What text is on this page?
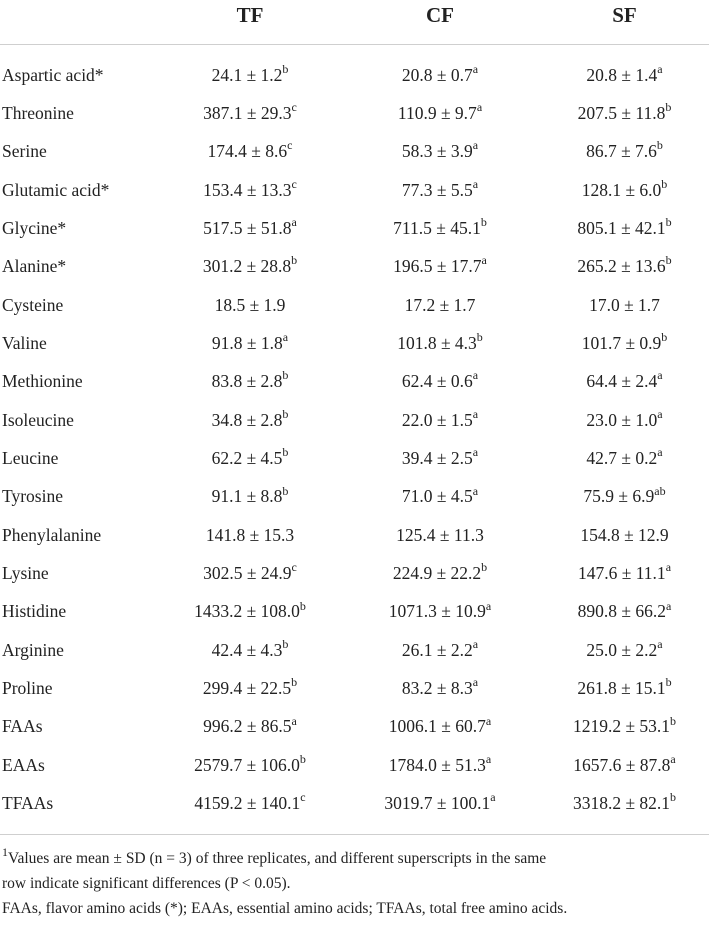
TF	CF	SF
Aspartic acid*	24.1 ± 1.2$^b$	20.8 ± 0.7$^a$	20.8 ± 1.4$^a$
Threonine	387.1 ± 29.3$^c$	110.9 ± 9.7$^a$	207.5 ± 11.8$^b$
Serine	174.4 ± 8.6$^c$	58.3 ± 3.9$^a$	86.7 ± 7.6$^b$
Glutamic acid*	153.4 ± 13.3$^c$	77.3 ± 5.5$^a$	128.1 ± 6.0$^b$
Glycine*	517.5 ± 51.8$^a$	711.5 ± 45.1$^b$	805.1 ± 42.1$^b$
Alanine*	301.2 ± 28.8$^b$	196.5 ± 17.7$^a$	265.2 ± 13.6$^b$
Cysteine	18.5 ± 1.9	17.2 ± 1.7	17.0 ± 1.7
Valine	91.8 ± 1.8$^a$	101.8 ± 4.3$^b$	101.7 ± 0.9$^b$
Methionine	83.8 ± 2.8$^b$	62.4 ± 0.6$^a$	64.4 ± 2.4$^a$
Isoleucine	34.8 ± 2.8$^b$	22.0 ± 1.5$^a$	23.0 ± 1.0$^a$
Leucine	62.2 ± 4.5$^b$	39.4 ± 2.5$^a$	42.7 ± 0.2$^a$
Tyrosine	91.1 ± 8.8$^b$	71.0 ± 4.5$^a$	75.9 ± 6.9$^{ab}$
Phenylalanine	141.8 ± 15.3	125.4 ± 11.3	154.8 ± 12.9
Lysine	302.5 ± 24.9$^c$	224.9 ± 22.2$^b$	147.6 ± 11.1$^a$
Histidine	1433.2 ± 108.0$^b$	1071.3 ± 10.9$^a$	890.8 ± 66.2$^a$
Arginine	42.4 ± 4.3$^b$	26.1 ± 2.2$^a$	25.0 ± 2.2$^a$
Proline	299.4 ± 22.5$^b$	83.2 ± 8.3$^a$	261.8 ± 15.1$^b$
FAAs	996.2 ± 86.5$^a$	1006.1 ± 60.7$^a$	1219.2 ± 53.1$^b$
EAAs	2579.7 ± 106.0$^b$	1784.0 ± 51.3$^a$	1657.6 ± 87.8$^a$
TFAAs	4159.2 ± 140.1$^c$	3019.7 ± 100.1$^a$	3318.2 ± 82.1$^b$
$^1$Values are mean ± SD (n = 3) of three replicates, and different superscripts in the same
row indicate significant differences (P < 0.05).
FAAs, flavor amino acids (*); EAAs, essential amino acids; TFAAs, total free amino acids.
